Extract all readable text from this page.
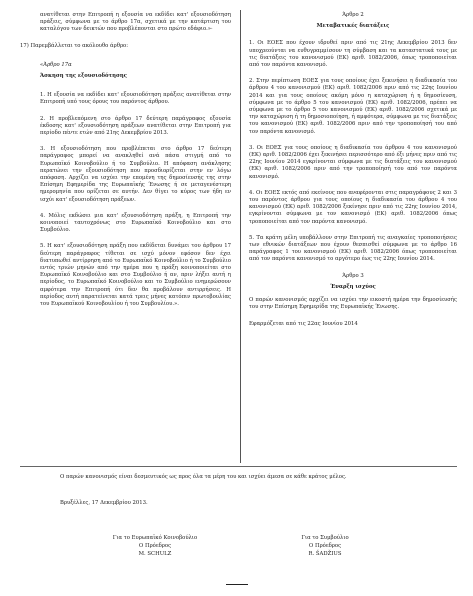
ανατίθεται στην Επιτροπή η εξουσία να εκδίδει κατ' εξουσιοδότηση πράξεις, σύμφωνα με το άρθρο 17α, σχετικά με την κατάρτιση του καταλόγου των δεικτών που προβλέπονται στο πρώτο εδάφιο.»·

17) Παρεμβάλλεται το ακόλουθο άρθρο:

«Άρθρο 17α

Άσκηση της εξουσιοδότησης

1. Η εξουσία να εκδίδει κατ' εξουσιοδότηση πράξεις ανατίθεται στην Επιτροπή υπό τους όρους του παρόντος άρθρου.

2. Η προβλεπόμενη στο άρθρο 17 δεύτερη παράγραφος εξουσία έκδοσης κατ' εξουσιοδότηση πράξεων ανατίθεται στην Επιτροπή για περίοδο πέντε ετών από 21ης Δεκεμβρίου 2013.

3. Η εξουσιοδότηση που προβλέπεται στο άρθρο 17 δεύτερη παράγραφος μπορεί να ανακληθεί ανά πάσα στιγμή από το Ευρωπαϊκό Κοινοβούλιο ή το Συμβούλιο. Η απόφαση ανάκλησης περατώνει την εξουσιοδότηση που προσδιορίζεται στην εν λόγω απόφαση. Αρχίζει να ισχύει την επομένη της δημοσίευσής της στην Επίσημη Εφημερίδα της Ευρωπαϊκής Ένωσης ή σε μεταγενέστερη ημερομηνία που ορίζεται σε αυτήν. Δεν θίγει το κύρος των ήδη εν ισχύι κατ' εξουσιοδότηση πράξεων.

4. Μόλις εκδώσει μια κατ' εξουσιοδότηση πράξη, η Επιτροπή την κοινοποιεί ταυτοχρόνως στο Ευρωπαϊκό Κοινοβούλιο και στο Συμβούλιο.

5. Η κατ' εξουσιοδότηση πράξη που εκδίδεται δυνάμει του άρθρου 17 δεύτερη παράγραφος τίθεται σε ισχύ μόνον εφόσον δεν έχει διατυπωθεί αντίρρηση από το Ευρωπαϊκό Κοινοβούλιο ή το Συμβούλιο εντός τριών μηνών από την ημέρα που η πράξη κοινοποιείται στο Ευρωπαϊκό Κοινοβούλιο και στο Συμβούλιο ή αν, πριν λήξει αυτή η περίοδος, το Ευρωπαϊκό Κοινοβούλιο και το Συμβούλιο ενημερώσουν αμφότερα την Επιτροπή ότι δεν θα προβάλουν αντιρρήσεις. Η περίοδος αυτή παρατείνεται κατά τρεις μήνες κατόπιν πρωτοβουλίας του Ευρωπαϊκού Κοινοβουλίου ή του Συμβουλίου.».

Άρθρο 2

Μεταβατικές διατάξεις

1. Οι ΕΟΕΣ που έχουν ιδρυθεί πριν από τις 21ης Δεκεμβρίου 2013 δεν υποχρεούνται να ευθυγραμμίσουν τη σύμβαση και τα καταστατικά τους με τις διατάξεις του κανονισμού (ΕΚ) αριθ. 1082/2006, όπως τροποποιείται από τον παρόντα κανονισμό.

2. Στην περίπτωση ΕΟΕΣ για τους οποίους έχει ξεκινήσει η διαδικασία του άρθρου 4 του κανονισμού (ΕΚ) αριθ. 1082/2006 πριν από τις 22ης Ιουνίου 2014 και για τους οποίους ακόμη μόνο η καταχώριση ή η δημοσίευση, σύμφωνα με το άρθρο 5 του κανονισμού (ΕΚ) αριθ. 1082/2006, πρέπει να σύμφωνα με το άρθρο 5 του κανονισμού (ΕΚ) αριθ. 1082/2006 σχετικά με την καταχώριση ή τη δημοσιοποίηση, ή αμφότερα, σύμφωνα με τις διατάξεις του κανονισμού (ΕΚ) αριθ. 1082/2006 πριν από την τροποποίησή του από τον παρόντα κανονισμό.

3. Οι ΕΟΕΣ για τους οποίους η διαδικασία του άρθρου 4 του κανονισμού (ΕΚ) αριθ. 1082/2006 έχει ξεκινήσει περισσότερο από έξι μήνες πριν από τις 22ης Ιουνίου 2014 εγκρίνονται σύμφωνα με τις διατάξεις του κανονισμού (ΕΚ) αριθ. 1082/2006 πριν από την τροποποίησή του από τον παρόντα κανονισμό.

4. Οι ΕΟΕΣ εκτός από εκείνους που αναφέρονται στις παραγράφους 2 και 3 του παρόντος άρθρου για τους οποίους η διαδικασία του άρθρου 4 του κανονισμού (ΕΚ) αριθ. 1082/2006 ξεκίνησε πριν από τις 22ης Ιουνίου 2014, εγκρίνονται σύμφωνα με τον κανονισμό (ΕΚ) αριθ. 1082/2006 όπως τροποποιείται από τον παρόντα κανονισμό.

5. Τα κράτη μέλη υποβάλλουν στην Επιτροπή τις αναγκαίες τροποποιήσεις των εθνικών διατάξεων που έχουν θεσπισθεί σύμφωνα με το άρθρο 16 παράγραφος 1 του κανονισμού (ΕΚ) αριθ. 1082/2006 όπως τροποποιείται από τον παρόντα κανονισμό το αργότερο έως τις 22ης Ιουνίου 2014.

Άρθρο 3

Έναρξη ισχύος

Ο παρών κανονισμός αρχίζει να ισχύει την εικοστή ημέρα την δημοσίευσής του στην Επίσημη Εφημερίδα της Ευρωπαϊκής Ένωσης.

Εφαρμόζεται από τις 22ας Ιουνίου 2014

Ο παρών κανονισμός είναι δεσμευτικός ως προς όλα τα μέρη του και ισχύει άμεσα σε κάθε κράτος μέλος.
Βρυξέλλες, 17 Δεκεμβρίου 2013.
Για το Ευρωπαϊκό Κοινοβούλιο
Ο Πρόεδρος
M. SCHULZ
Για το Συμβούλιο
Ο Πρόεδρος
R. ŠADŽIUS
